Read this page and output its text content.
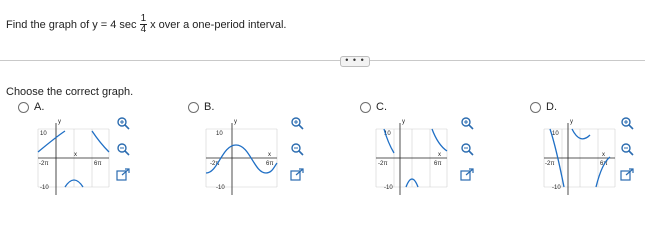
Find the graph of y = 4 $\sec \frac{1}{4}$ x over a one-period interval.
• • •
Choose the correct graph.
A.
y
10
-10
-2π	6π
x
B.
y
10
-10
-2π	6π
x
C.
y
10
-10
-2π	6π
x
D.
y
10
-10
-2π	6π
x
